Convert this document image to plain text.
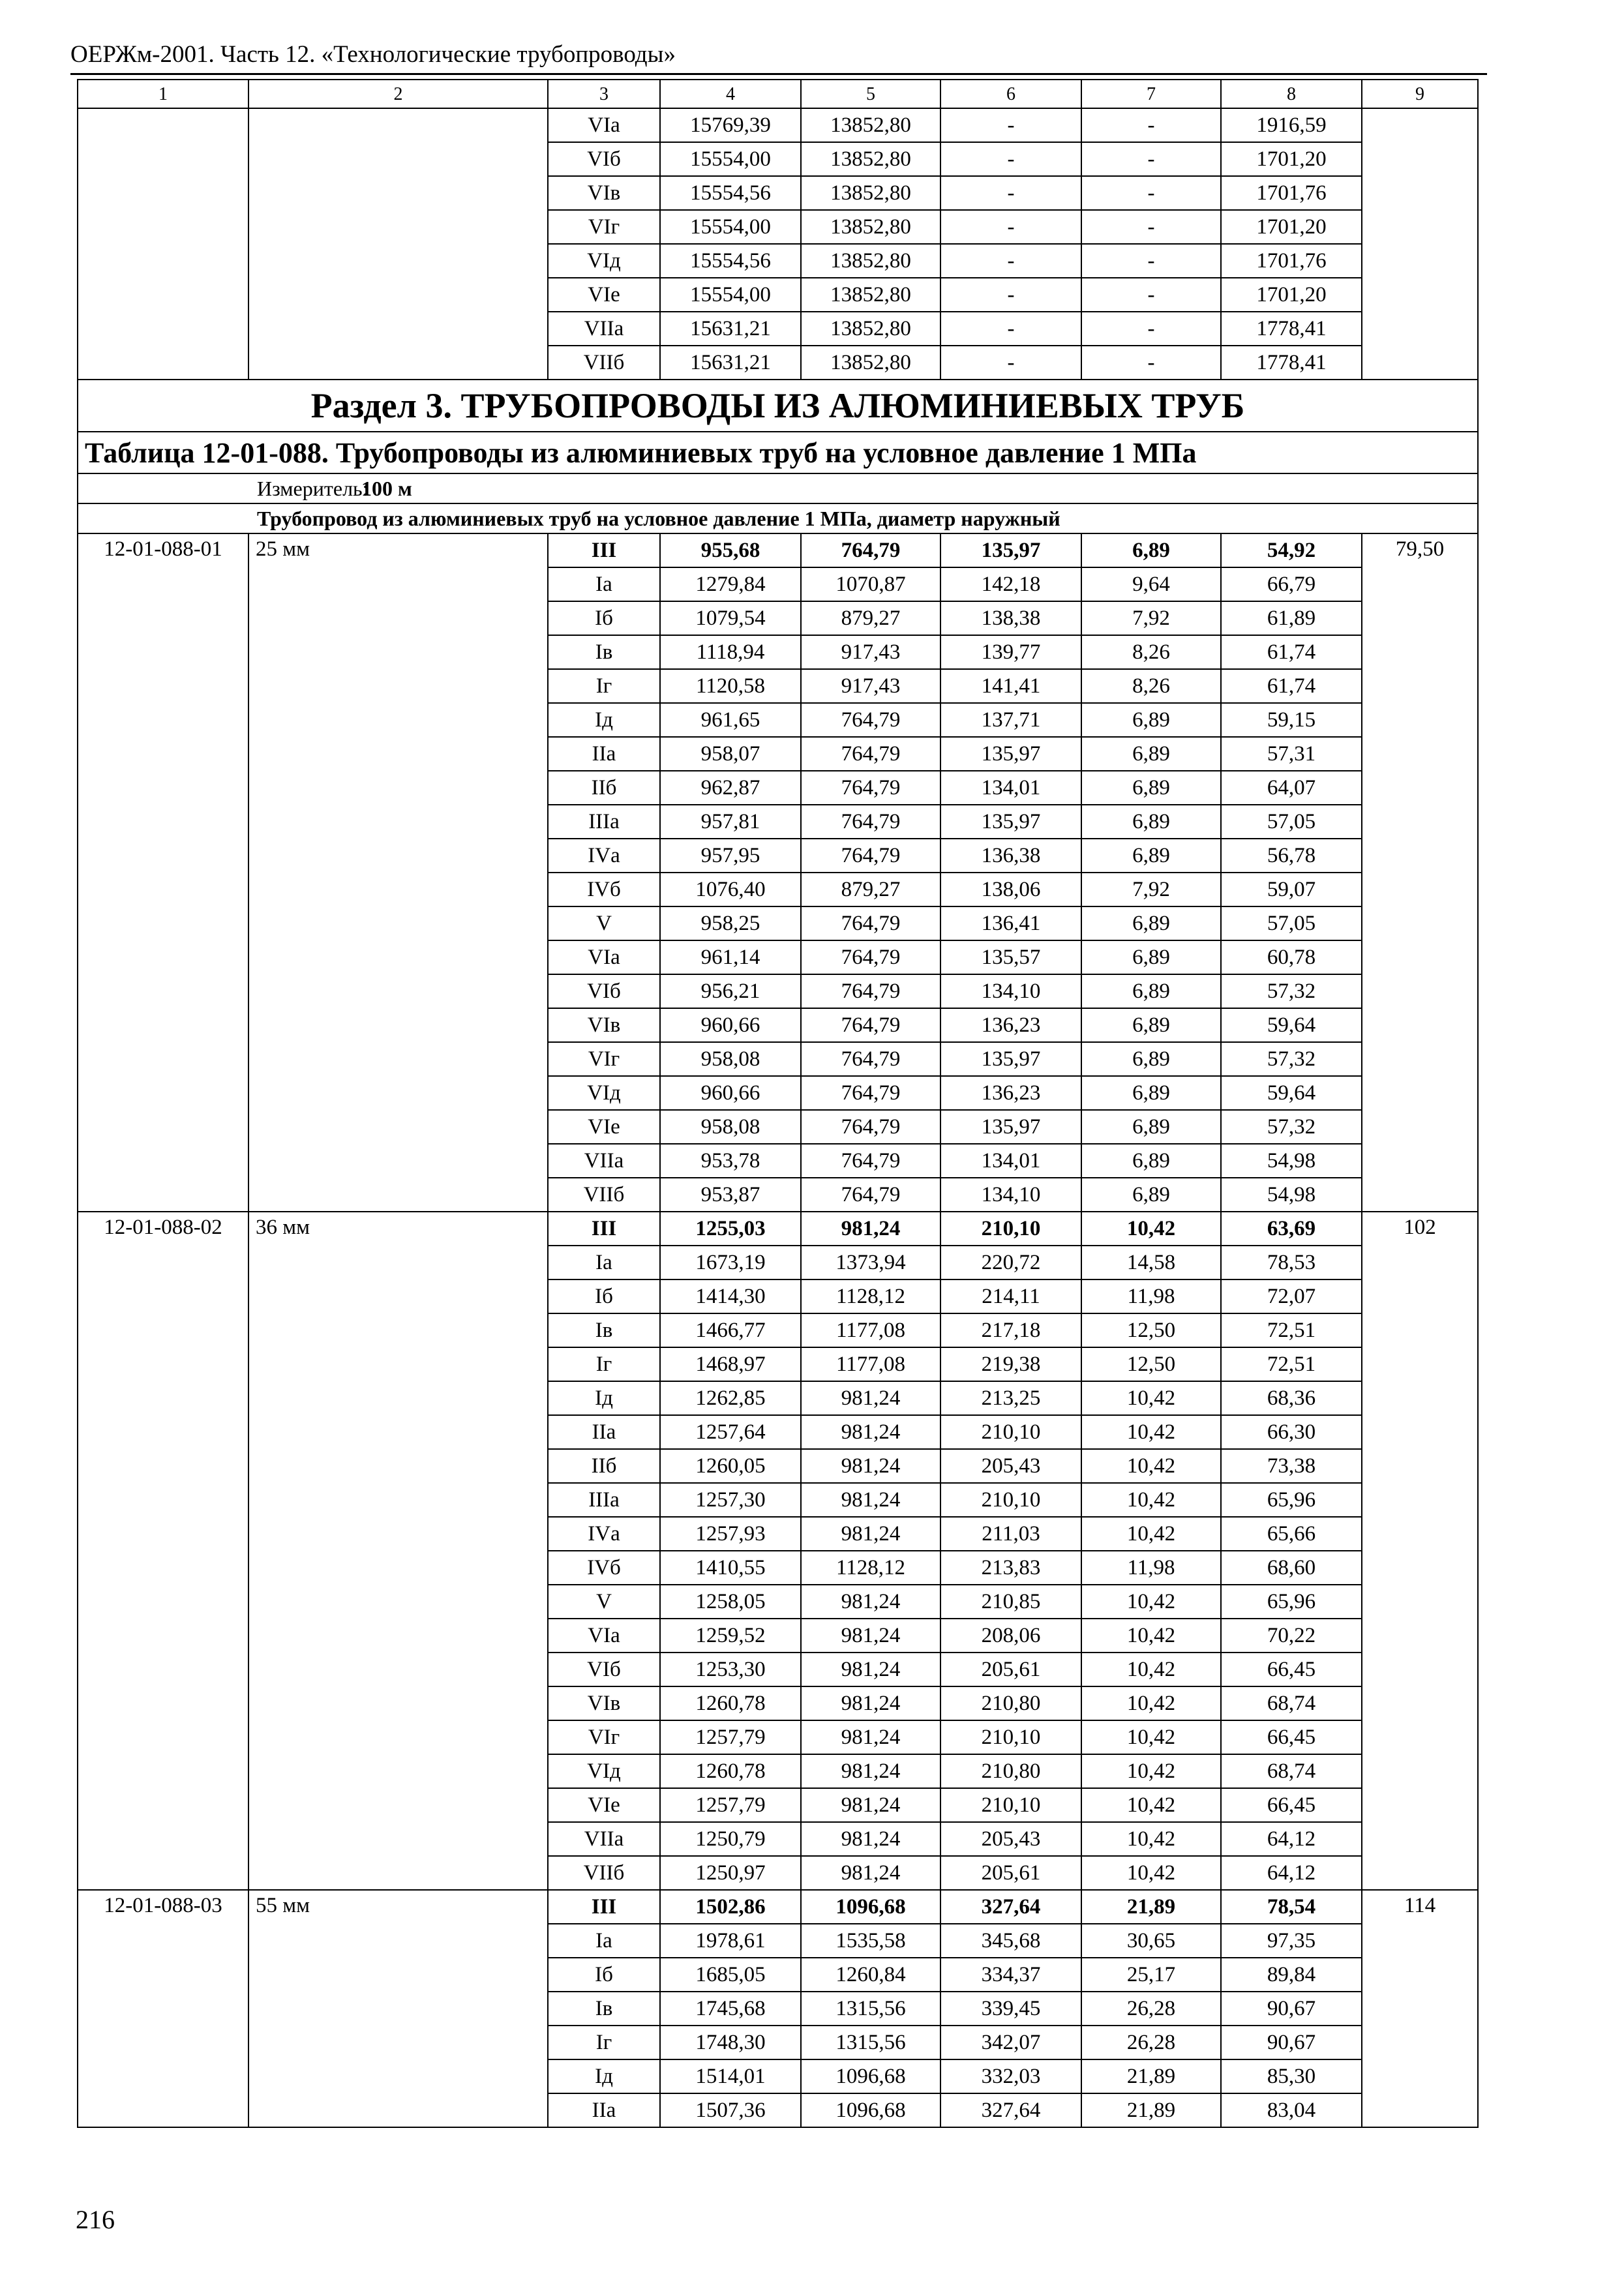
ОЕРЖм-2001. Часть 12. «Технологические трубопроводы»
1	2	3	4	5	6	7	8	9
		VIа	15769,39	13852,80	-	-	1916,59	
		VIб	15554,00	13852,80	-	-	1701,20	
		VIв	15554,56	13852,80	-	-	1701,76	
		VIг	15554,00	13852,80	-	-	1701,20	
		VIд	15554,56	13852,80	-	-	1701,76	
		VIе	15554,00	13852,80	-	-	1701,20	
		VIIа	15631,21	13852,80	-	-	1778,41	
		VIIб	15631,21	13852,80	-	-	1778,41	
Раздел 3. ТРУБОПРОВОДЫ ИЗ АЛЮМИНИЕВЫХ ТРУБ								
Таблица 12-01-088. Трубопроводы из алюминиевых труб на условное давление 1 МПа								
Измеритель:100 м								
Трубопровод из алюминиевых труб на условное давление 1 МПа, диаметр наружный								
12-01-088-01	25 мм	III	955,68	764,79	135,97	6,89	54,92	79,50
		Iа	1279,84	1070,87	142,18	9,64	66,79	
		Iб	1079,54	879,27	138,38	7,92	61,89	
		Iв	1118,94	917,43	139,77	8,26	61,74	
		Iг	1120,58	917,43	141,41	8,26	61,74	
		Iд	961,65	764,79	137,71	6,89	59,15	
		IIа	958,07	764,79	135,97	6,89	57,31	
		IIб	962,87	764,79	134,01	6,89	64,07	
		IIIа	957,81	764,79	135,97	6,89	57,05	
		IVа	957,95	764,79	136,38	6,89	56,78	
		IVб	1076,40	879,27	138,06	7,92	59,07	
		V	958,25	764,79	136,41	6,89	57,05	
		VIа	961,14	764,79	135,57	6,89	60,78	
		VIб	956,21	764,79	134,10	6,89	57,32	
		VIв	960,66	764,79	136,23	6,89	59,64	
		VIг	958,08	764,79	135,97	6,89	57,32	
		VIд	960,66	764,79	136,23	6,89	59,64	
		VIе	958,08	764,79	135,97	6,89	57,32	
		VIIа	953,78	764,79	134,01	6,89	54,98	
		VIIб	953,87	764,79	134,10	6,89	54,98	
12-01-088-02	36 мм	III	1255,03	981,24	210,10	10,42	63,69	102
		Iа	1673,19	1373,94	220,72	14,58	78,53	
		Iб	1414,30	1128,12	214,11	11,98	72,07	
		Iв	1466,77	1177,08	217,18	12,50	72,51	
		Iг	1468,97	1177,08	219,38	12,50	72,51	
		Iд	1262,85	981,24	213,25	10,42	68,36	
		IIа	1257,64	981,24	210,10	10,42	66,30	
		IIб	1260,05	981,24	205,43	10,42	73,38	
		IIIа	1257,30	981,24	210,10	10,42	65,96	
		IVа	1257,93	981,24	211,03	10,42	65,66	
		IVб	1410,55	1128,12	213,83	11,98	68,60	
		V	1258,05	981,24	210,85	10,42	65,96	
		VIа	1259,52	981,24	208,06	10,42	70,22	
		VIб	1253,30	981,24	205,61	10,42	66,45	
		VIв	1260,78	981,24	210,80	10,42	68,74	
		VIг	1257,79	981,24	210,10	10,42	66,45	
		VIд	1260,78	981,24	210,80	10,42	68,74	
		VIе	1257,79	981,24	210,10	10,42	66,45	
		VIIа	1250,79	981,24	205,43	10,42	64,12	
		VIIб	1250,97	981,24	205,61	10,42	64,12	
12-01-088-03	55 мм	III	1502,86	1096,68	327,64	21,89	78,54	114
		Iа	1978,61	1535,58	345,68	30,65	97,35	
		Iб	1685,05	1260,84	334,37	25,17	89,84	
		Iв	1745,68	1315,56	339,45	26,28	90,67	
		Iг	1748,30	1315,56	342,07	26,28	90,67	
		Iд	1514,01	1096,68	332,03	21,89	85,30	
		IIа	1507,36	1096,68	327,64	21,89	83,04	
216
